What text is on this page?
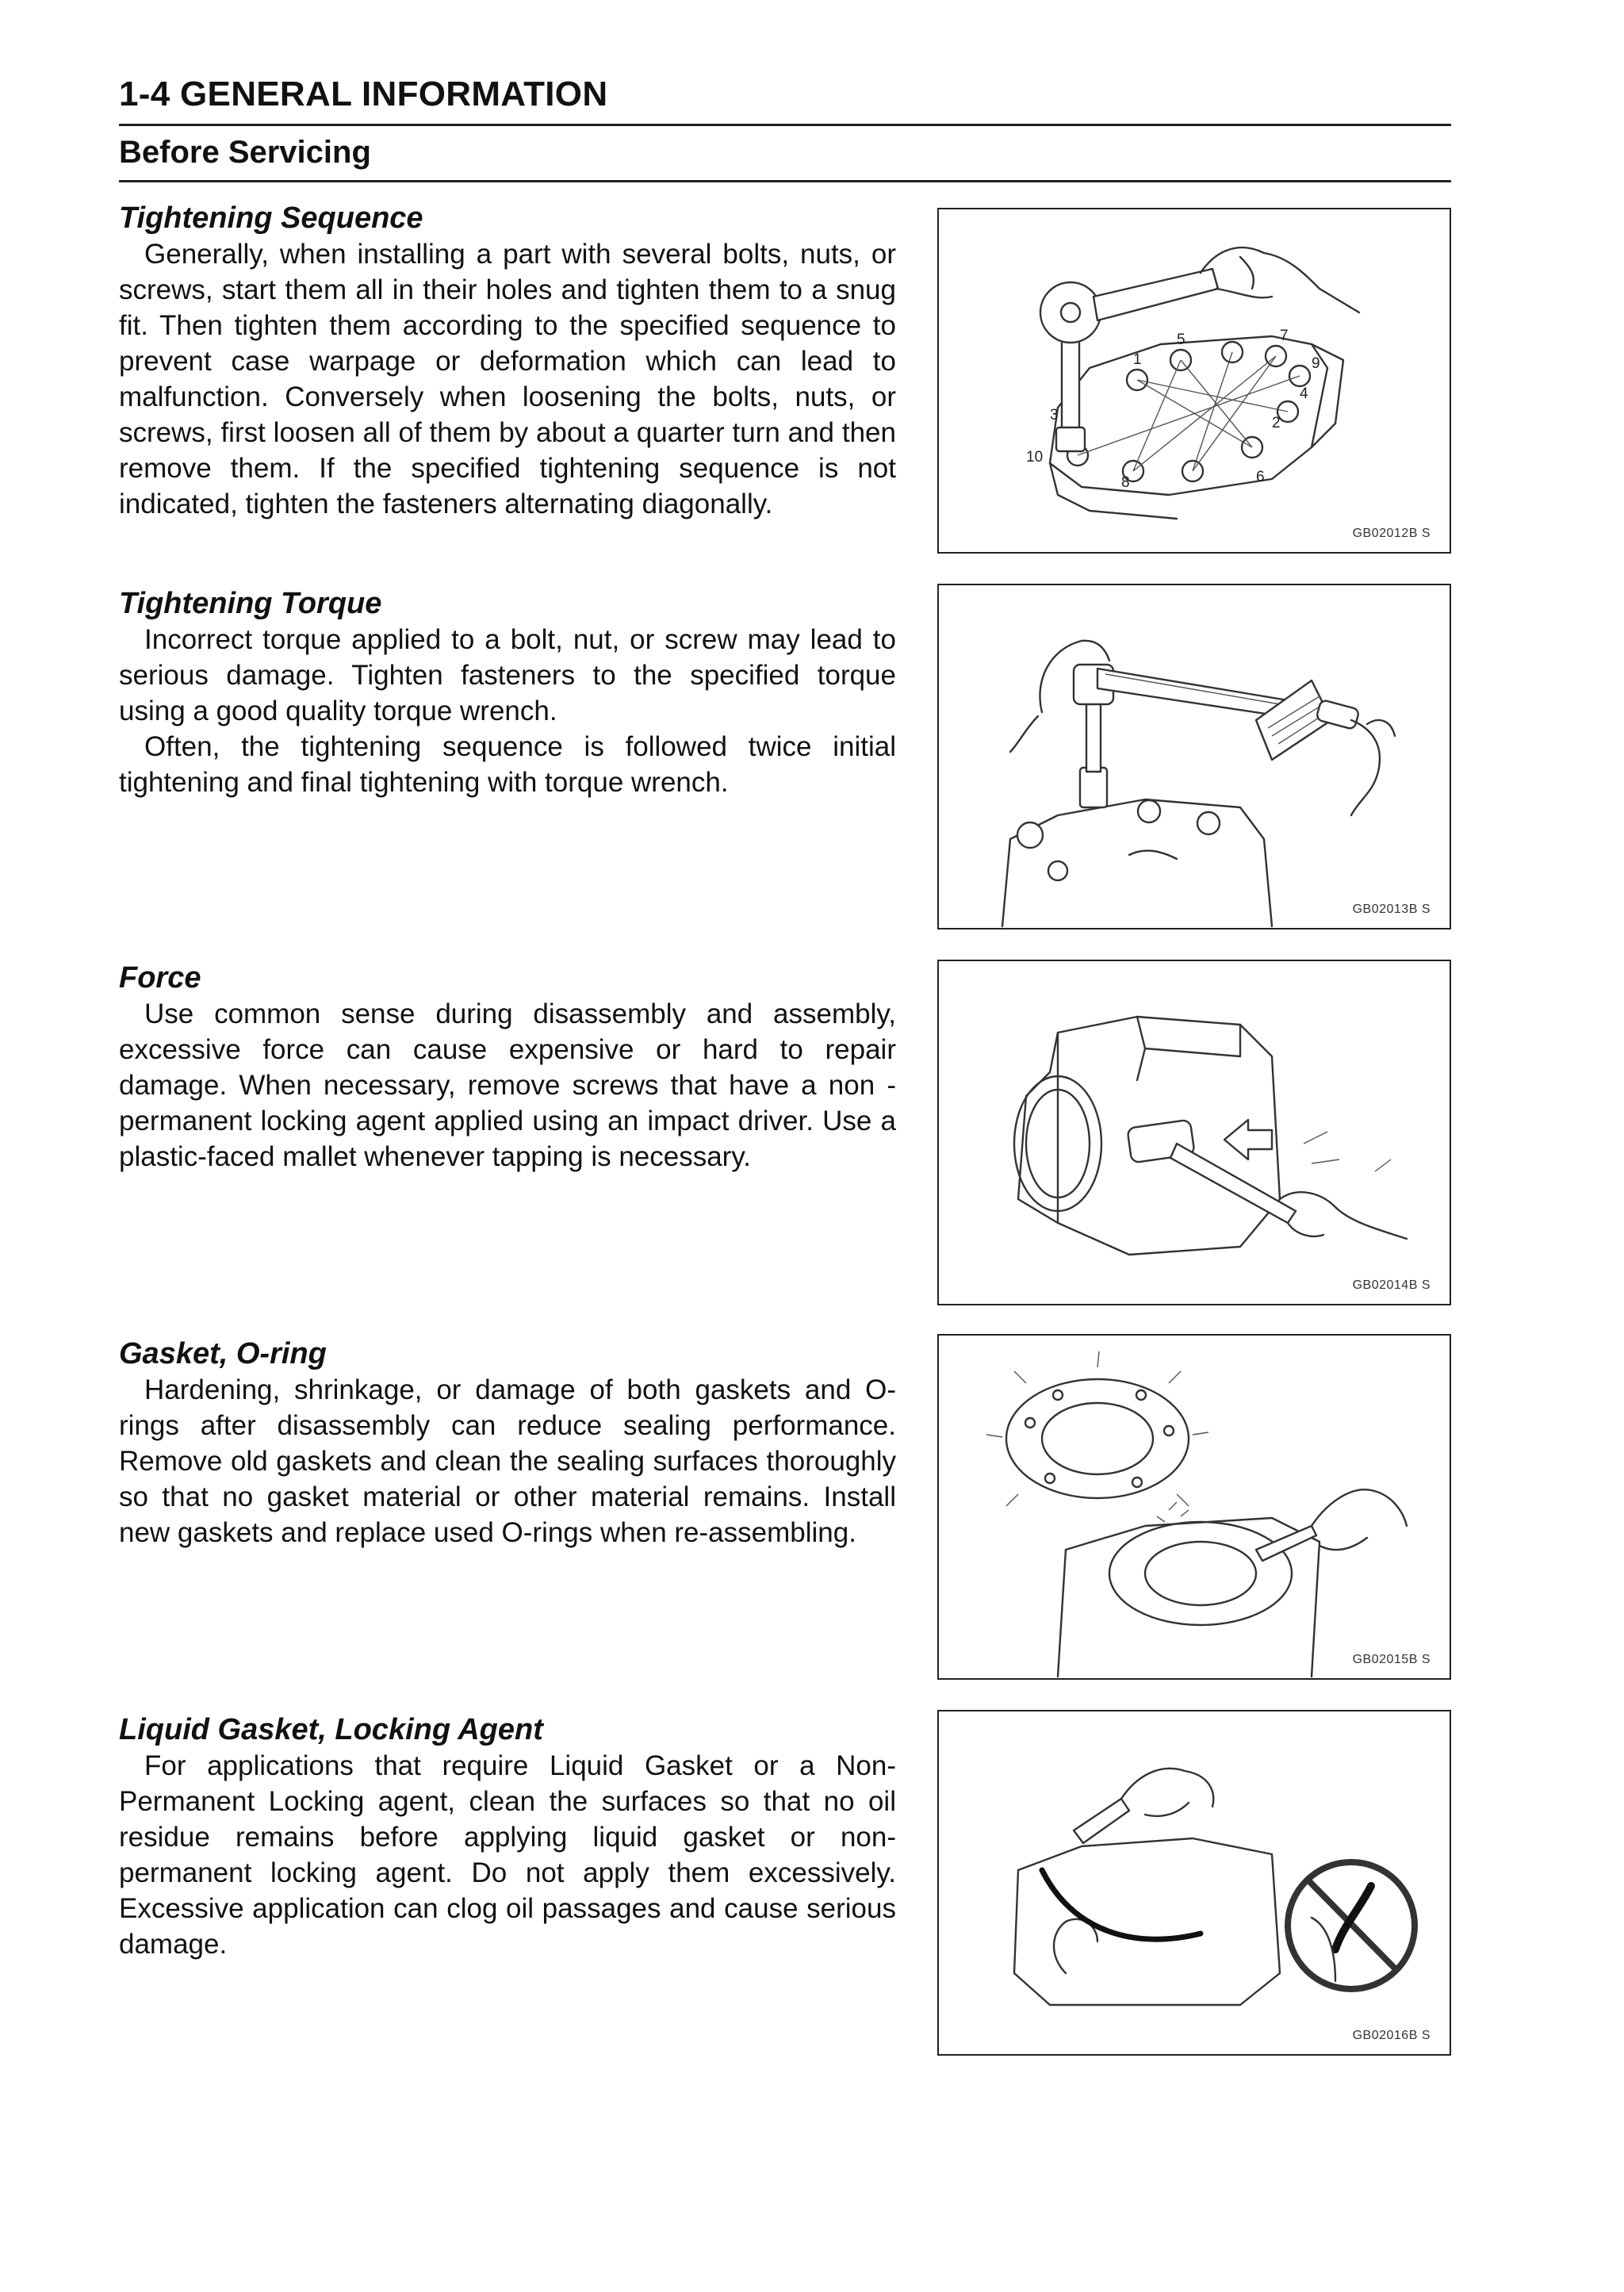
1-4 GENERAL INFORMATION
Before Servicing
Tightening Sequence

Generally, when installing a part with several bolts, nuts, or screws, start them all in their holes and tighten them to a snug fit. Then tighten them according to the specified sequence to prevent case warpage or deformation which can lead to malfunction. Conversely when loosening the bolts, nuts, or screws, first loosen all of them by about a quarter turn and then remove them. If the specified tightening sequence is not indicated, tighten the fasteners alternating diagonally.

1
2
3
4
5
6
7
8
9
10
GB02012B S
Tightening Torque

Incorrect torque applied to a bolt, nut, or screw may lead to serious damage. Tighten fasteners to the specified torque using a good quality torque wrench.

Often, the tightening sequence is followed twice initial tightening and final tightening with torque wrench.

GB02013B S
Force

Use common sense during disassembly and assembly, excessive force can cause expensive or hard to repair damage. When necessary, remove screws that have a non -permanent locking agent applied using an impact driver. Use a plastic-faced mallet whenever tapping is necessary.

GB02014B S
Gasket, O-ring

Hardening, shrinkage, or damage of both gaskets and O-rings after disassembly can reduce sealing performance. Remove old gaskets and clean the sealing surfaces thoroughly so that no gasket material or other material remains. Install new gaskets and replace used O-rings when re-assembling.

GB02015B S
Liquid Gasket, Locking Agent

For applications that require Liquid Gasket or a Non-Permanent Locking agent, clean the surfaces so that no oil residue remains before applying liquid gasket or non-permanent locking agent. Do not apply them excessively. Excessive application can clog oil passages and cause serious damage.

GB02016B S
